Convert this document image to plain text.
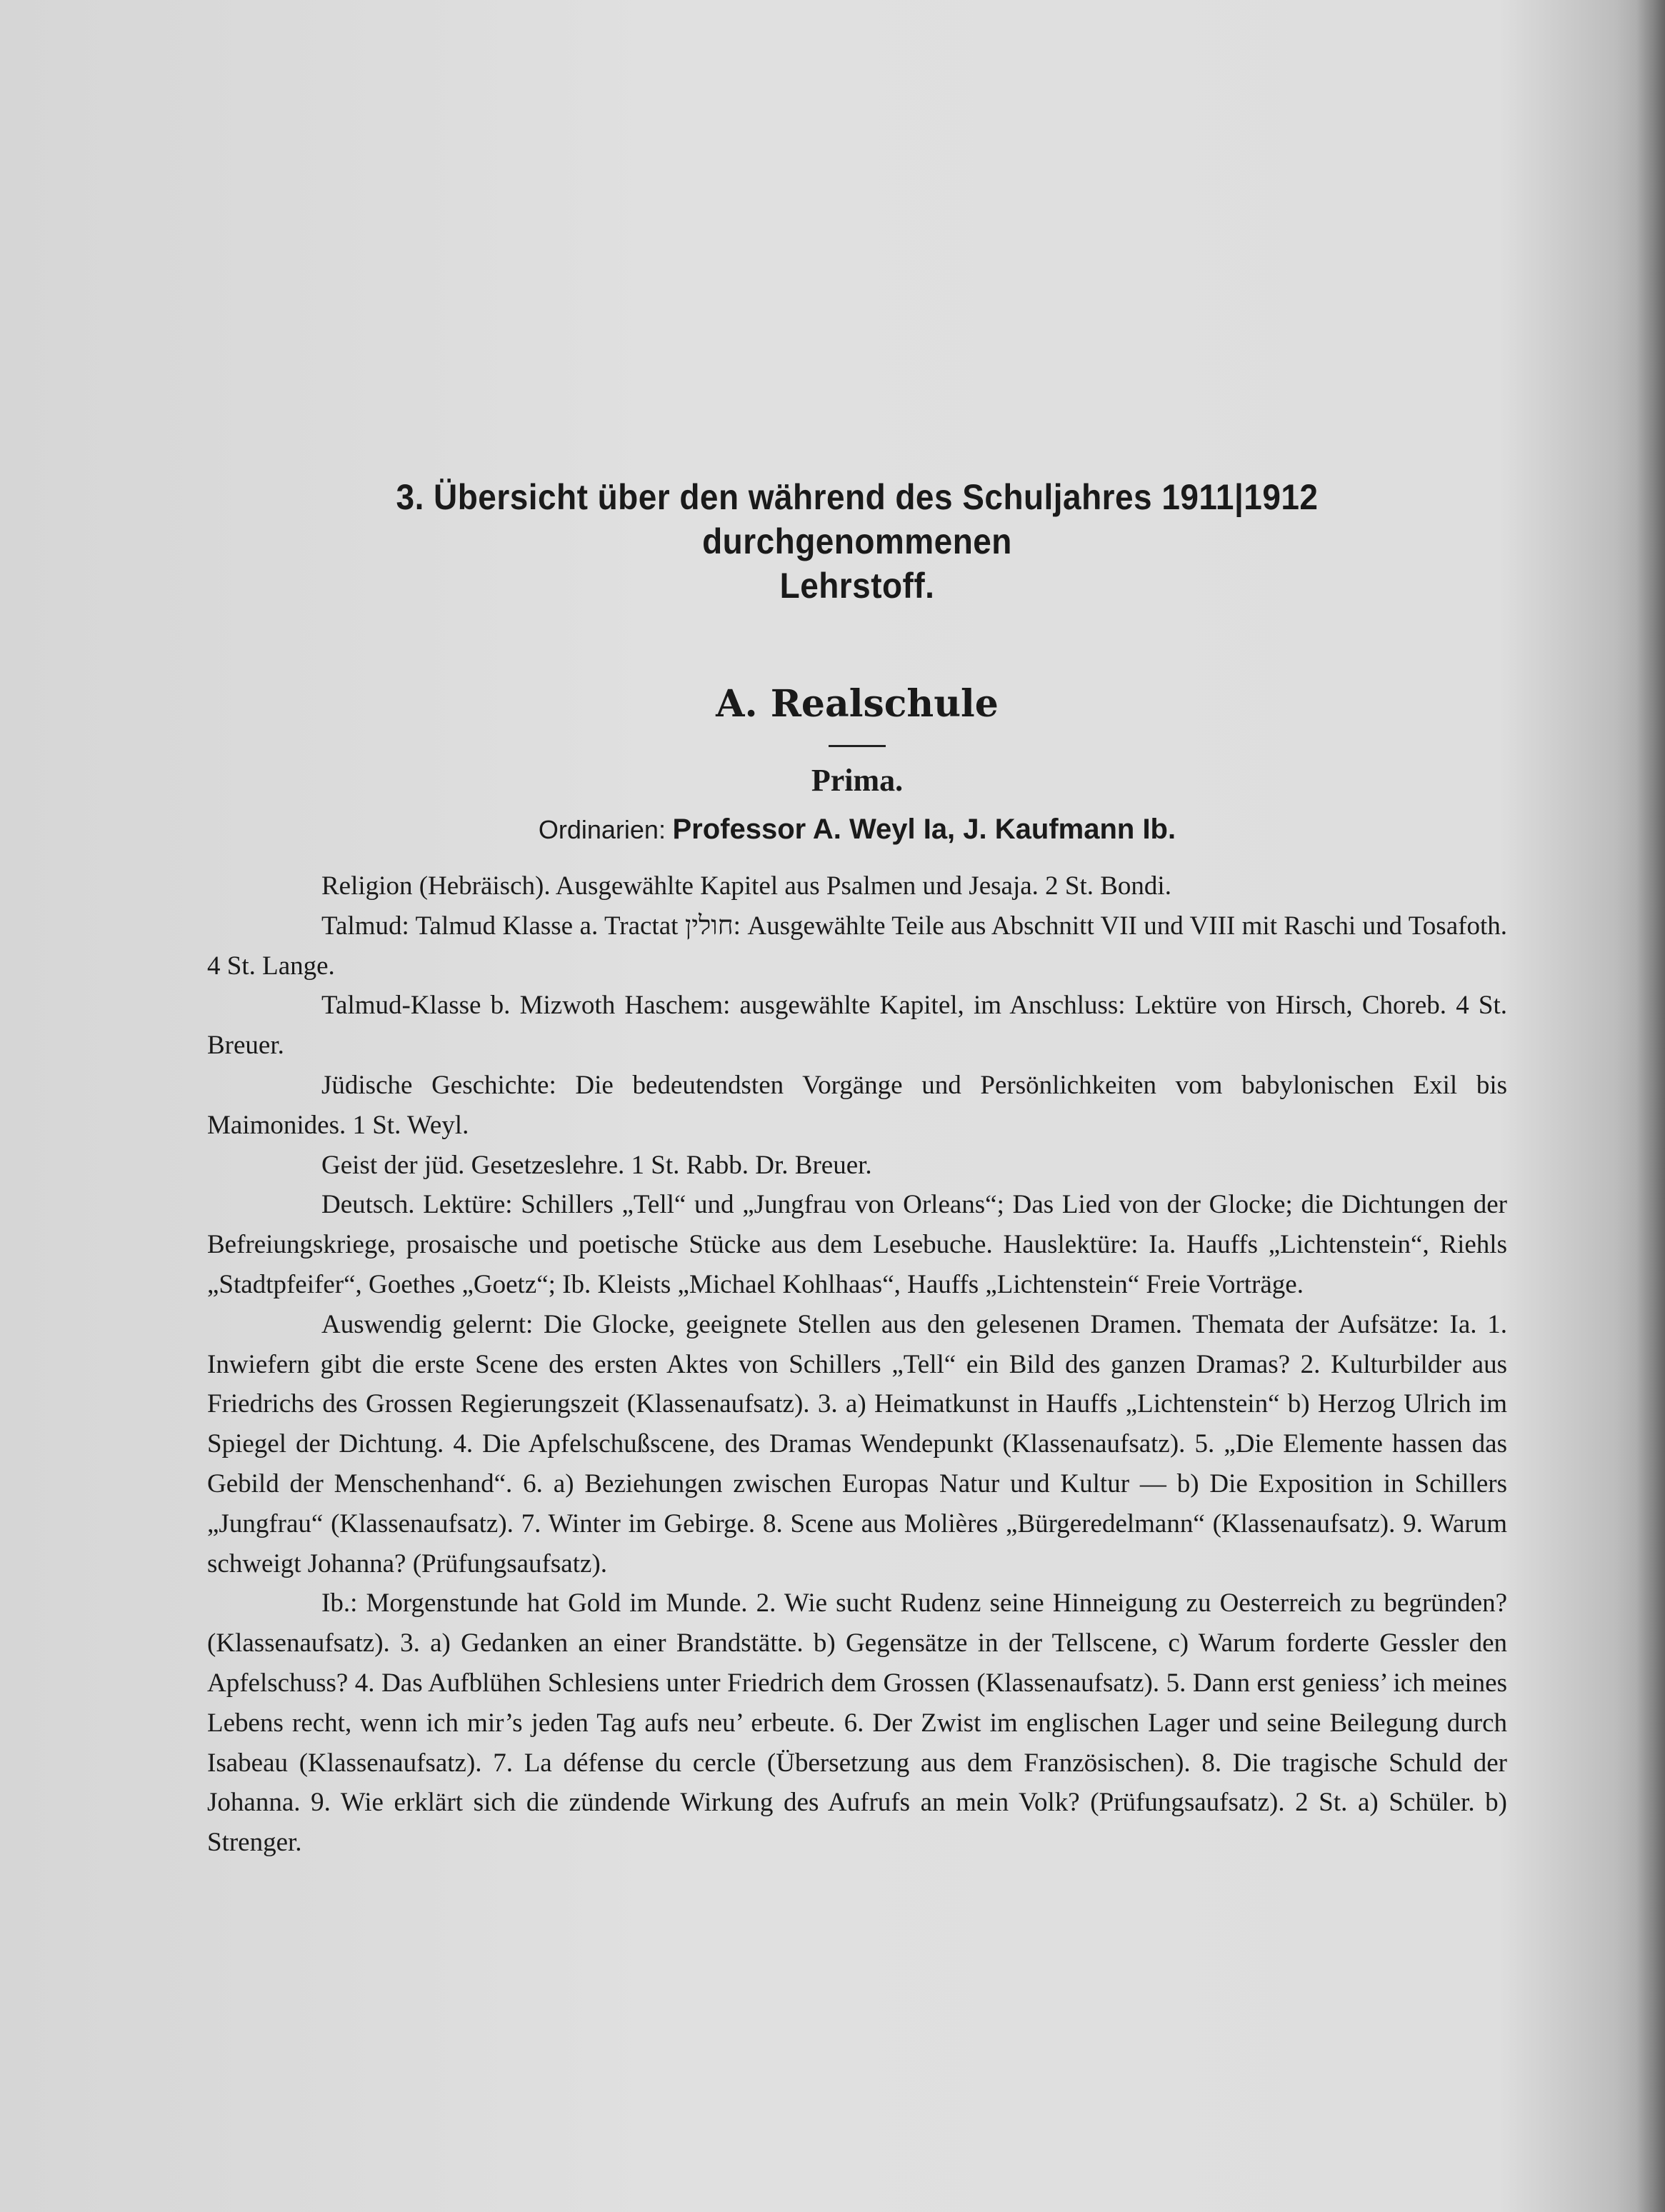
3. Übersicht über den während des Schuljahres 1911|1912 durchgenommenen
Lehrstoff.
A. Realschule
Prima.
Ordinarien: Professor A. Weyl Ia, J. Kaufmann Ib.

Religion (Hebräisch). Ausgewählte Kapitel aus Psalmen und Jesaja. 2 St. Bondi.

Talmud: Talmud Klasse a. Tractat חולין: Ausgewählte Teile aus Abschnitt VII und VIII mit Raschi und Tosafoth. 4 St. Lange.

Talmud-Klasse b. Mizwoth Haschem: ausgewählte Kapitel, im Anschluss: Lektüre von Hirsch, Choreb. 4 St. Breuer.

Jüdische Geschichte: Die bedeutendsten Vorgänge und Persönlichkeiten vom babylonischen Exil bis Maimonides. 1 St. Weyl.

Geist der jüd. Gesetzeslehre. 1 St. Rabb. Dr. Breuer.

Deutsch. Lektüre: Schillers „Tell“ und „Jungfrau von Orleans“; Das Lied von der Glocke; die Dichtungen der Befreiungskriege, prosaische und poetische Stücke aus dem Lesebuche. Hauslektüre: Ia. Hauffs „Lichtenstein“, Riehls „Stadtpfeifer“, Goethes „Goetz“; Ib. Kleists „Michael Kohlhaas“, Hauffs „Lichtenstein“ Freie Vorträge.

Auswendig gelernt: Die Glocke, geeignete Stellen aus den gelesenen Dramen. Themata der Aufsätze: Ia. 1. Inwiefern gibt die erste Scene des ersten Aktes von Schillers „Tell“ ein Bild des ganzen Dramas? 2. Kulturbilder aus Friedrichs des Grossen Regierungszeit (Klassenaufsatz). 3. a) Heimatkunst in Hauffs „Lichtenstein“ b) Herzog Ulrich im Spiegel der Dichtung. 4. Die Apfelschußscene, des Dramas Wendepunkt (Klassenaufsatz). 5. „Die Elemente hassen das Gebild der Menschenhand“. 6. a) Beziehungen zwischen Europas Natur und Kultur — b) Die Exposition in Schillers „Jungfrau“ (Klassenaufsatz). 7. Winter im Gebirge. 8. Scene aus Molières „Bürgeredelmann“ (Klassenaufsatz). 9. Warum schweigt Johanna? (Prüfungsaufsatz).

Ib.: Morgenstunde hat Gold im Munde. 2. Wie sucht Rudenz seine Hinneigung zu Oesterreich zu begründen? (Klassenaufsatz). 3. a) Gedanken an einer Brandstätte. b) Gegensätze in der Tellscene, c) Warum forderte Gessler den Apfelschuss? 4. Das Aufblühen Schlesiens unter Friedrich dem Grossen (Klassenaufsatz). 5. Dann erst geniess’ ich meines Lebens recht, wenn ich mir’s jeden Tag aufs neu’ erbeute. 6. Der Zwist im englischen Lager und seine Beilegung durch Isabeau (Klassenaufsatz). 7. La défense du cercle (Übersetzung aus dem Französischen). 8. Die tragische Schuld der Johanna. 9. Wie erklärt sich die zündende Wirkung des Aufrufs an mein Volk? (Prüfungsaufsatz). 2 St. a) Schüler. b) Strenger.
